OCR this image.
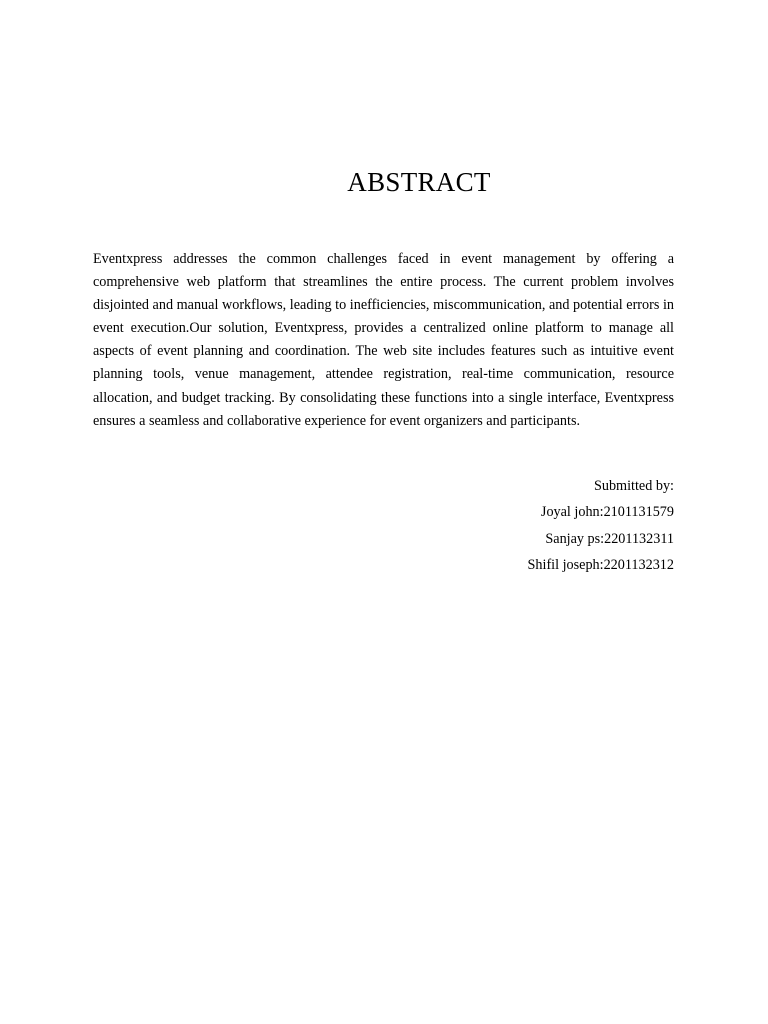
ABSTRACT

Eventxpress addresses the common challenges faced in event management by offering a comprehensive web platform that streamlines the entire process. The current problem involves disjointed and manual workflows, leading to inefficiencies, miscommunication, and potential errors in event execution.Our solution, Eventxpress, provides a centralized online platform to manage all aspects of event planning and coordination. The web site includes features such as intuitive event planning tools, venue management, attendee registration, real-time communication, resource allocation, and budget tracking. By consolidating these functions into a single interface, Eventxpress ensures a seamless and collaborative experience for event organizers and participants.

Submitted by:
Joyal john:2101131579
Sanjay ps:2201132311
Shifil joseph:2201132312
